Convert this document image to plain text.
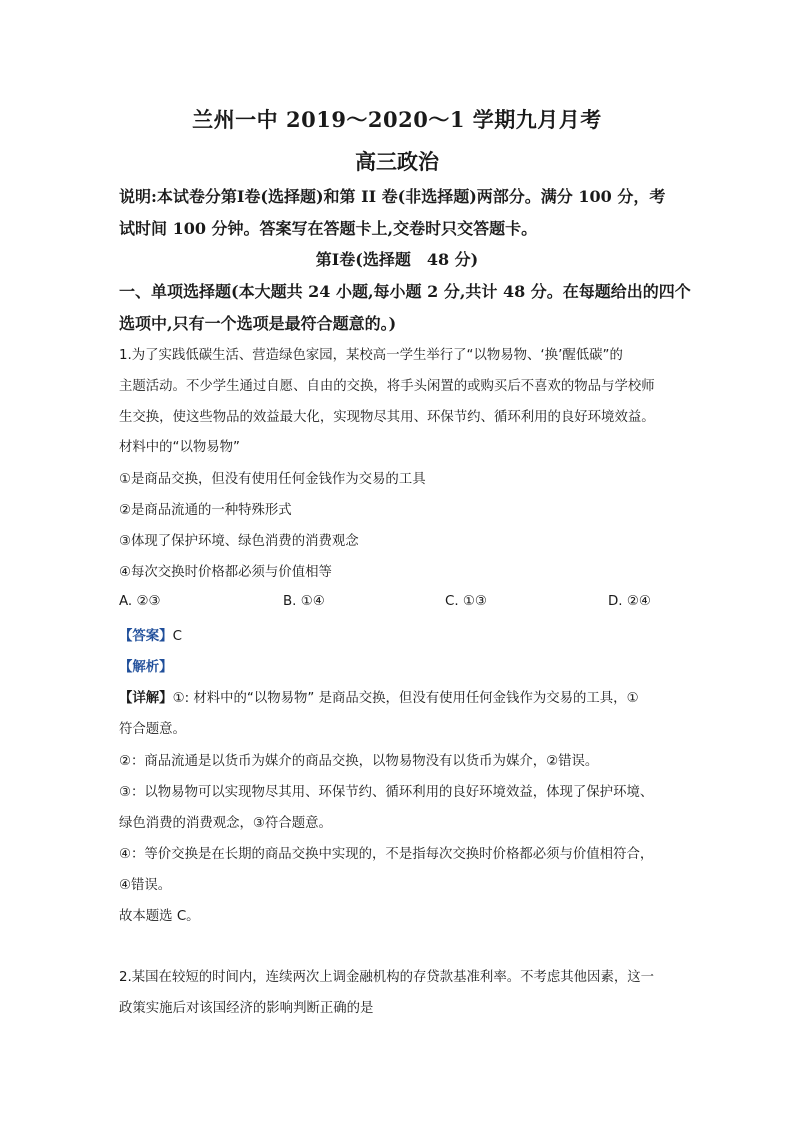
兰州一中 2019～2020～1 学期九月月考
高三政治
说明:本试卷分第Ⅰ卷(选择题)和第 II 卷(非选择题)两部分。满分 100 分，考
试时间 100 分钟。答案写在答题卡上,交卷时只交答题卡。
第Ⅰ卷(选择题　48 分)
一、单项选择题(本大题共 24 小题,每小题 2 分,共计 48 分。在每题给出的四个
选项中,只有一个选项是最符合题意的。)
1.为了实践低碳生活、营造绿色家园，某校高一学生举行了“以物易物、‘换’醒低碳”的
主题活动。不少学生通过自愿、自由的交换，将手头闲置的或购买后不喜欢的物品与学校师
生交换，使这些物品的效益最大化，实现物尽其用、环保节约、循环利用的良好环境效益。
材料中的“以物易物”
①是商品交换，但没有使用任何金钱作为交易的工具
②是商品流通的一种特殊形式
③体现了保护环境、绿色消费的消费观念
④每次交换时价格都必须与价值相等
A. ②③	B. ①④	C. ①③	D. ②④
【答案】C
【解析】
【详解】①: 材料中的“以物易物” 是商品交换，但没有使用任何金钱作为交易的工具，①
符合题意。
②：商品流通是以货币为媒介的商品交换，以物易物没有以货币为媒介，②错误。
③：以物易物可以实现物尽其用、环保节约、循环利用的良好环境效益，体现了保护环境、
绿色消费的消费观念，③符合题意。
④：等价交换是在长期的商品交换中实现的，不是指每次交换时价格都必须与价值相符合，
④错误。
故本题选 C。
2.某国在较短的时间内，连续两次上调金融机构的存贷款基准利率。不考虑其他因素，这一
政策实施后对该国经济的影响判断正确的是
